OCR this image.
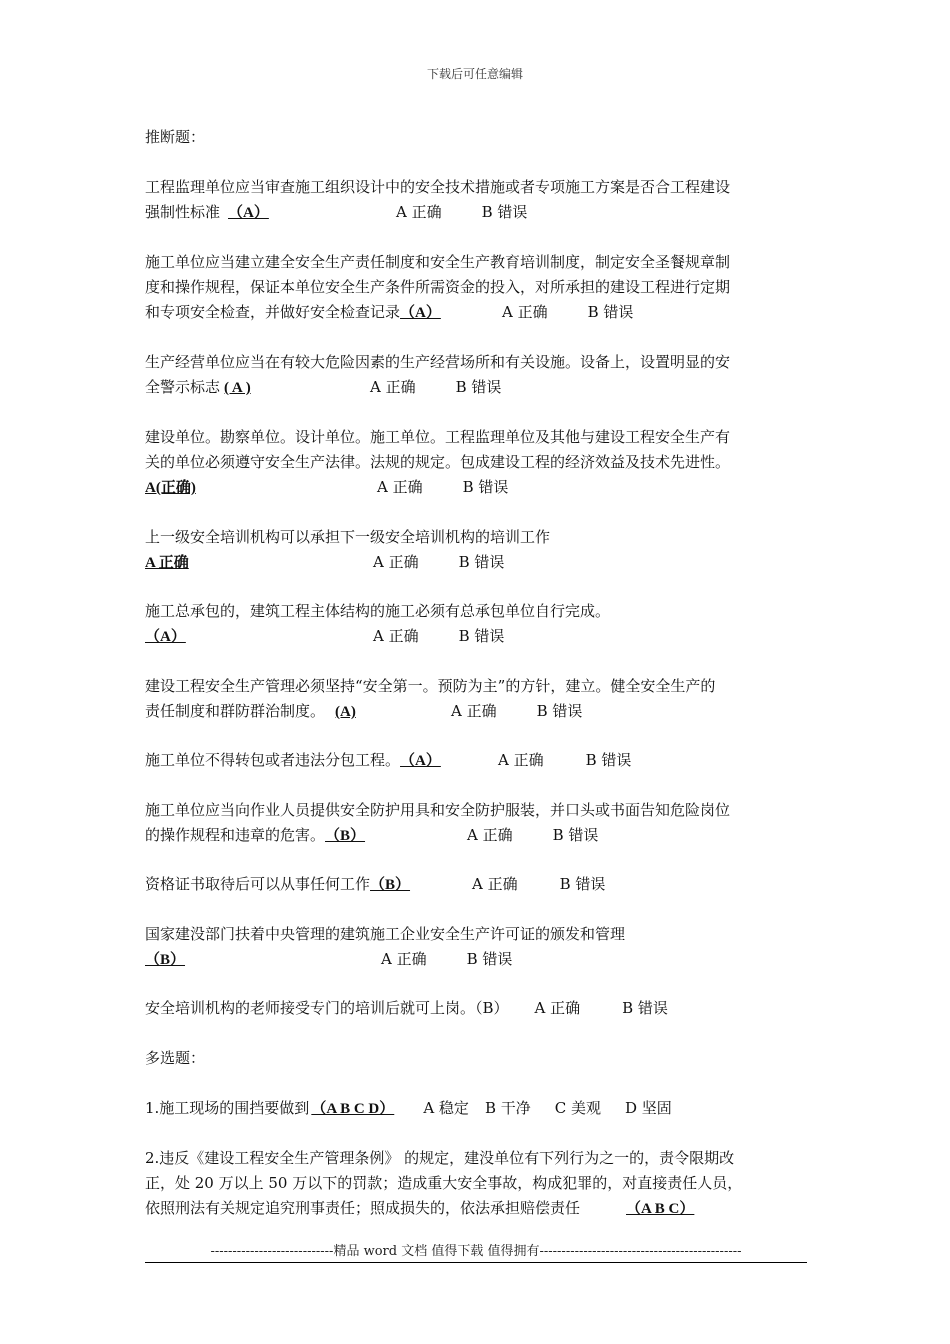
下载后可任意编辑
推断题：
工程监理单位应当审查施工组织设计中的安全技术措施或者专项施工方案是否合工程建设
强制性标准（A）	A 正确	B 错误
施工单位应当建立建全安全生产责任制度和安全生产教育培训制度，制定安全圣餐规章制
度和操作规程，保证本单位安全生产条件所需资金的投入，对所承担的建设工程进行定期
和专项安全检查，并做好安全检查记录（A）	A 正确	B 错误
生产经营单位应当在有较大危险因素的生产经营场所和有关设施。设备上，设置明显的安
全警示标志( A )	A 正确	B 错误
建设单位。勘察单位。设计单位。施工单位。工程监理单位及其他与建设工程安全生产有
关的单位必须遵守安全生产法律。法规的规定。包成建设工程的经济效益及技术先进性。
A(正确)	A 正确	B 错误
上一级安全培训机构可以承担下一级安全培训机构的培训工作
A 正确	A 正确	B 错误
施工总承包的，建筑工程主体结构的施工必须有总承包单位自行完成。
（A）	A 正确	B 错误
建设工程安全生产管理必须坚持“安全第一。预防为主”的方针，建立。健全安全生产的
责任制度和群防群治制度。(A)	A 正确	B 错误
施工单位不得转包或者违法分包工程。（A）	A 正确	B 错误
施工单位应当向作业人员提供安全防护用具和安全防护服装，并口头或书面告知危险岗位
的操作规程和违章的危害。（B）	A 正确	B 错误
资格证书取待后可以从事任何工作（B）	A 正确	B 错误
国家建没部门扶着中央管理的建筑施工企业安全生产许可证的颁发和管理
（B）	A 正确	B 错误
安全培训机构的老师接受专门的培训后就可上岗。（B） A 正确	B 错误
多选题：
1.施工现场的围挡要做到（A B C D） A 稳定 B 干净 C 美观 D 坚固
2.违反《建设工程安全生产管理条例》 的规定，建没单位有下列行为之一的，责令限期改
正，处 20 万以上 50 万以下的罚款；造成重大安全事故，构成犯罪的，对直接责任人员，
依照刑法有关规定追究刑事责任；照成损失的，依法承担赔偿责任	（A B C）
----------------------------精品 word 文档 值得下载 值得拥有----------------------------------------------
